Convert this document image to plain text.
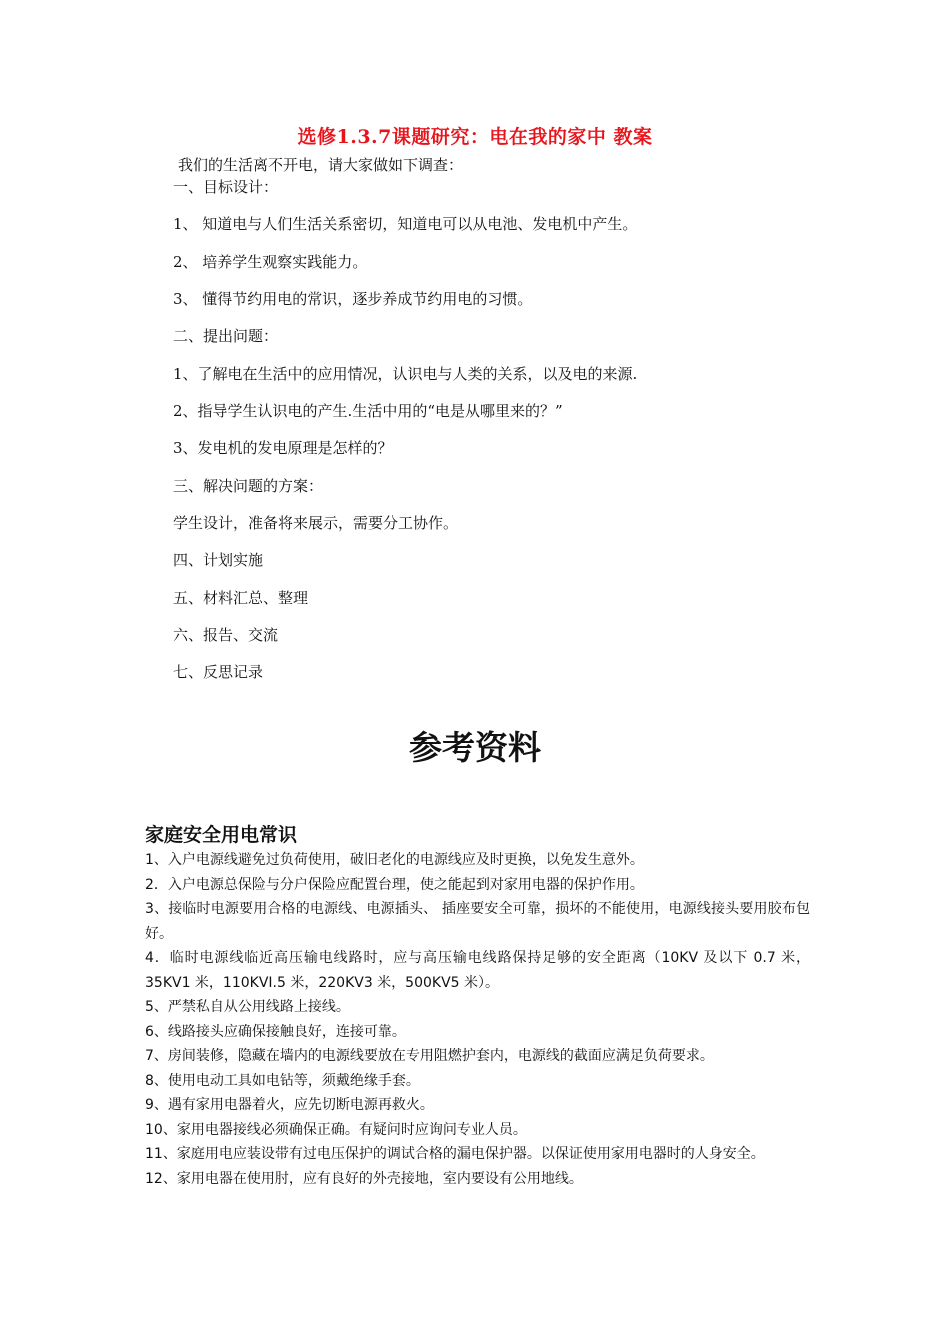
选修1.3.7课题研究：电在我的家中 教案
我们的生活离不开电，请大家做如下调查：
一、目标设计：
1、 知道电与人们生活关系密切，知道电可以从电池、发电机中产生。
2、 培养学生观察实践能力。
3、 懂得节约用电的常识，逐步养成节约用电的习惯。
二、提出问题：
1、了解电在生活中的应用情况，认识电与人类的关系，以及电的来源.
2、指导学生认识电的产生.生活中用的“电是从哪里来的？”
3、发电机的发电原理是怎样的？
三、解决问题的方案：
学生设计，准备将来展示，需要分工协作。
四、计划实施
五、材料汇总、整理
六、报告、交流
七、反思记录
参考资料
家庭安全用电常识

1、入户电源线避免过负荷使用，破旧老化的电源线应及时更换，以免发生意外。

2．入户电源总保险与分户保险应配置台理，使之能起到对家用电器的保护作用。

3、接临时电源要用合格的电源线、电源插头、 插座要安全可靠，损坏的不能使用，电源线接头要用胶布包好。

4．临时电源线临近高压输电线路时，应与高压输电线路保持足够的安全距离（10KV 及以下 0.7 米，35KV1 米，110KVI.5 米，220KV3 米，500KV5 米）。

5、严禁私自从公用线路上接线。

6、线路接头应确保接触良好，连接可靠。

7、房间装修，隐藏在墙内的电源线要放在专用阻燃护套内，电源线的截面应满足负荷要求。

8、使用电动工具如电钻等，须戴绝缘手套。

9、遇有家用电器着火，应先切断电源再救火。

10、家用电器接线必须确保正确。有疑问时应询问专业人员。

11、家庭用电应装设带有过电压保护的调试合格的漏电保护器。以保证使用家用电器时的人身安全。

12、家用电器在使用肘，应有良好的外壳接地，室内要设有公用地线。
